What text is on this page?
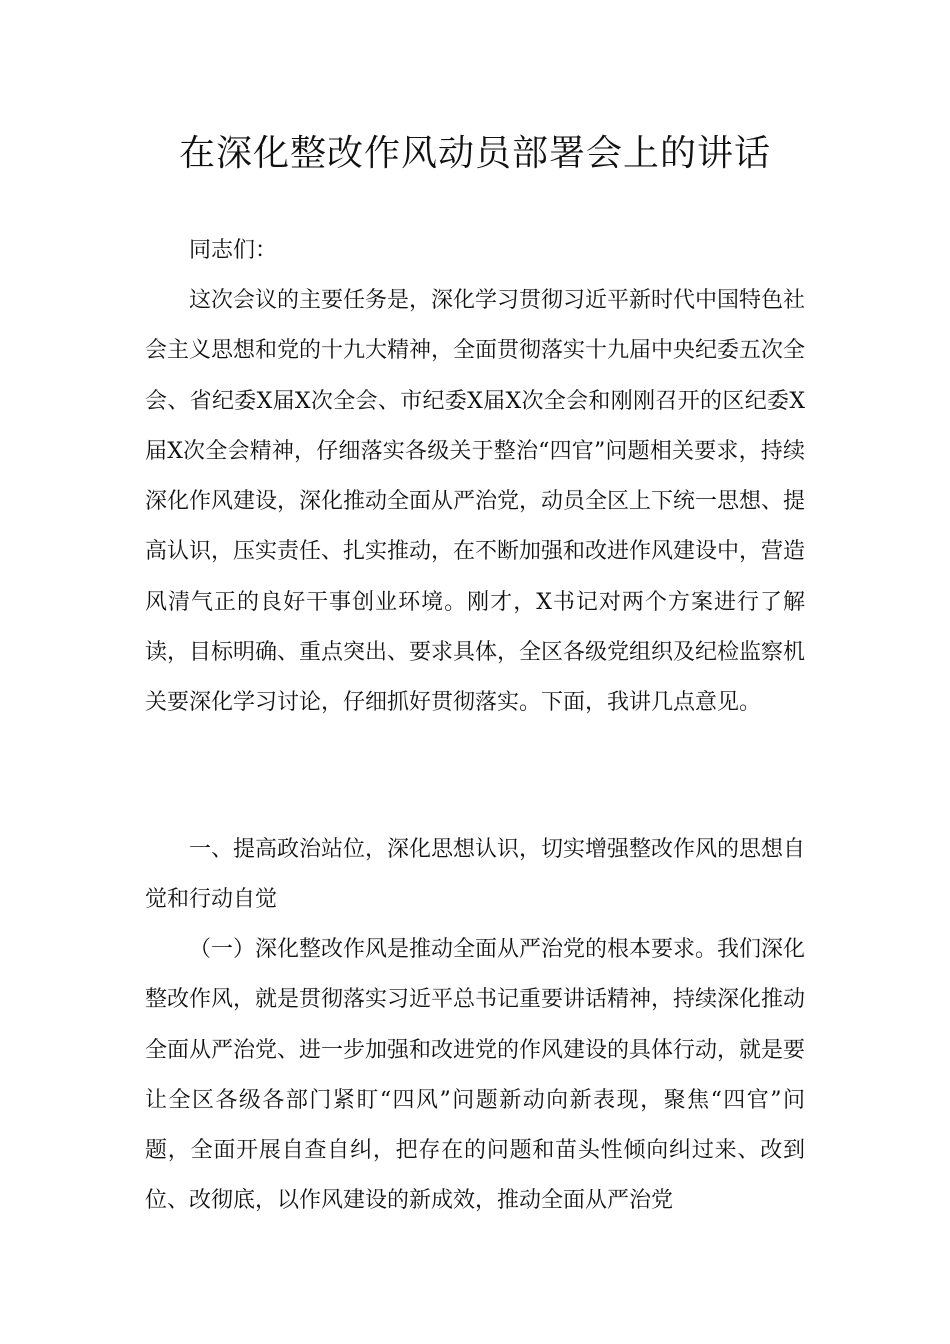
在深化整改作风动员部署会上的讲话

同志们：

这次会议的主要任务是，深化学习贯彻习近平新时代中国特色社会主义思想和党的十九大精神，全面贯彻落实十九届中央纪委五次全会、省纪委X届X次全会、市纪委X届X次全会和刚刚召开的区纪委X届X次全会精神，仔细落实各级关于整治“四官”问题相关要求，持续深化作风建设，深化推动全面从严治党，动员全区上下统一思想、提高认识，压实责任、扎实推动，在不断加强和改进作风建设中，营造风清气正的良好干事创业环境。刚才，X书记对两个方案进行了解读，目标明确、重点突出、要求具体，全区各级党组织及纪检监察机关要深化学习讨论，仔细抓好贯彻落实。下面，我讲几点意见。

一、提高政治站位，深化思想认识，切实增强整改作风的思想自觉和行动自觉

（一）深化整改作风是推动全面从严治党的根本要求。我们深化整改作风，就是贯彻落实习近平总书记重要讲话精神，持续深化推动全面从严治党、进一步加强和改进党的作风建设的具体行动，就是要让全区各级各部门紧盯“四风”问题新动向新表现，聚焦“四官”问题，全面开展自查自纠，把存在的问题和苗头性倾向纠过来、改到位、改彻底，以作风建设的新成效，推动全面从严治党
